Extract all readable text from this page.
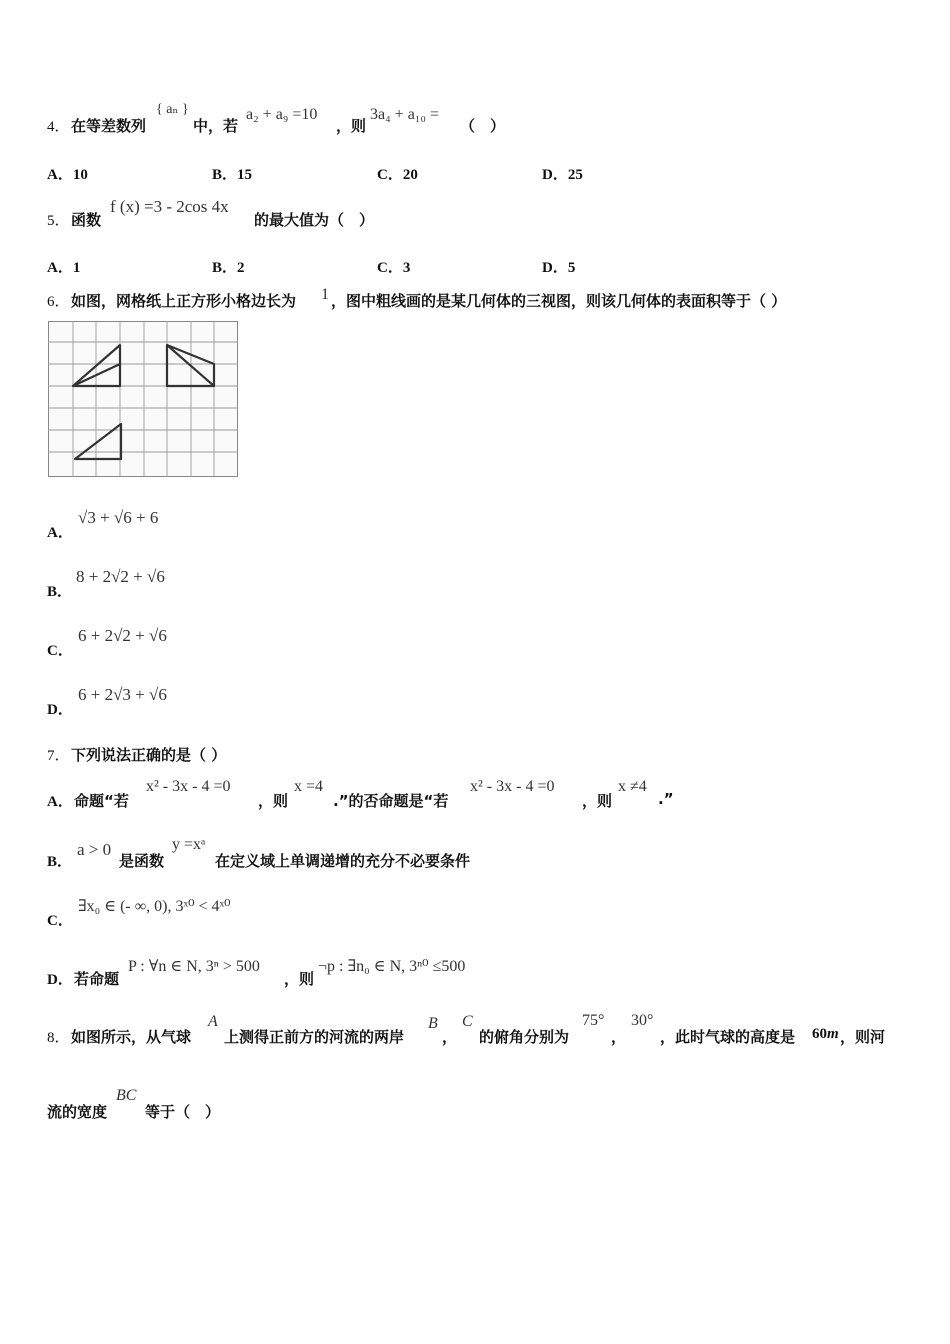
4． 在等差数列
{ aₙ }
中，若
a₂ + a₉ =10
，则
3a₄ + a₁₀ =
（　）
A．10	B．15	C．20	D．25
5． 函数
f (x) =3 - 2cos 4x
的最大值为（　）
A．1	B．2	C．3	D．5
6． 如图，网格纸上正方形小格边长为 1 ，图中粗线画的是某几何体的三视图，则该几何体的表面积等于（ ）
A．
√3 + √6 + 6
B．
8 + 2√2 + √6
C．
6 + 2√2 + √6
D．
6 + 2√3 + √6
7． 下列说法正确的是（ ）
A． 命题“若
x² - 3x - 4 =0
，则
x =4
.”的否命题是“若
x² - 3x - 4 =0
，则
x ≠4
.”
B．
a > 0
是函数
y =xᵃ
在定义域上单调递增的充分不必要条件
C．
∃x₀ ∈ (- ∞, 0), 3ˣ⁰ < 4ˣ⁰
D． 若命题
P : ∀n ∈ N, 3ⁿ > 500
，则
¬p : ∃n₀ ∈ N, 3ⁿ⁰ ≤500
8． 如图所示，从气球
A
上测得正前方的河流的两岸
B
，
C
的俯角分别为
75°
，
30°
，此时气球的高度是 60m ，则河
流的宽度
BC
等于（　）
